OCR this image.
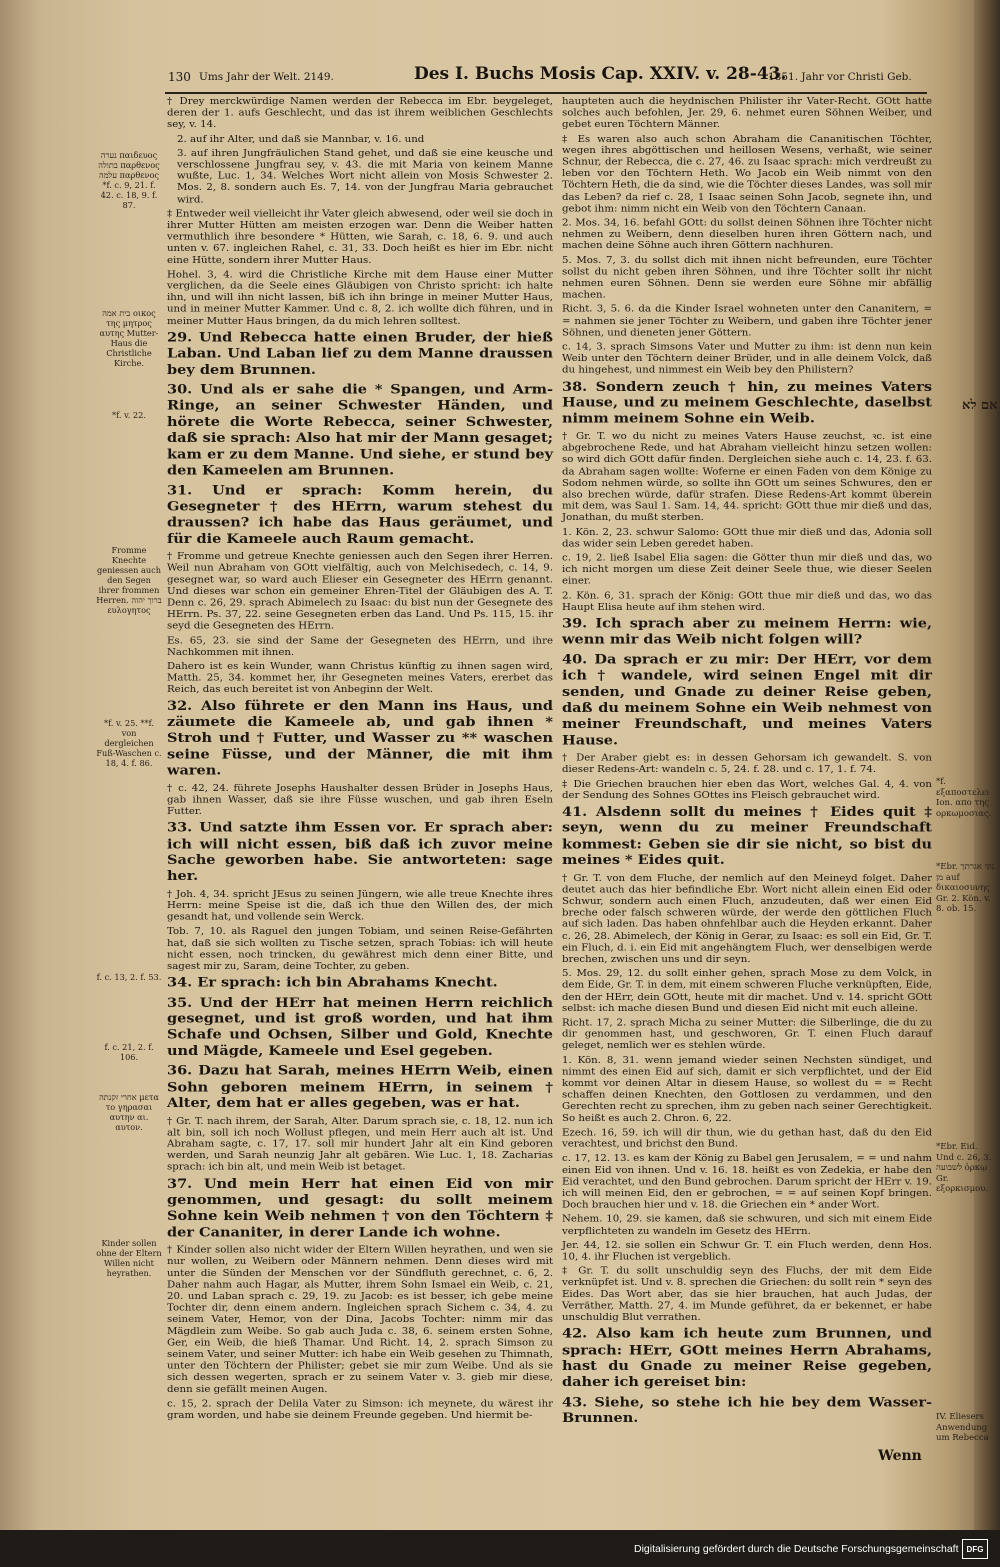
130 Ums Jahr der Welt. 2149.	Des I. Buchs Mosis Cap. XXIV. v. 28-43.
1851. Jahr vor Christi Geb.
† Drey merckwürdige Namen werden der Rebecca im Ebr. beygeleget, deren der 1. aufs Geschlecht, und das ist ihrem weiblichen Geschlechts sey, v. 14.
2. auf ihr Alter, und daß sie Mannbar, v. 16. und
3. auf ihren Jungfräulichen Stand gehet, und daß sie eine keusche und verschlossene Jungfrau sey, v. 43. die mit Maria von keinem Manne wußte, Luc. 1, 34. Welches Wort nicht allein von Mosis Schwester 2. Mos. 2, 8. sondern auch Es. 7, 14. von der Jungfrau Maria gebrauchet wird.
‡ Entweder weil vielleicht ihr Vater gleich abwesend, oder weil sie doch in ihrer Mutter Hütten am meisten erzogen war. Denn die Weiber hatten vermuthlich ihre besondere * Hütten, wie Sarah, c. 18, 6. 9. und auch unten v. 67. ingleichen Rahel, c. 31, 33. Doch heißt es hier im Ebr. nicht eine Hütte, sondern ihrer Mutter Haus.
Hohel. 3, 4. wird die Christliche Kirche mit dem Hause einer Mutter verglichen, da die Seele eines Gläubigen von Christo spricht: ich halte ihn, und will ihn nicht lassen, biß ich ihn bringe in meiner Mutter Haus, und in meiner Mutter Kammer. Und c. 8, 2. ich wollte dich führen, und in meiner Mutter Haus bringen, da du mich lehren solltest.
29. Und Rebecca hatte einen Bruder, der hieß Laban. Und Laban lief zu dem Manne draussen bey dem Brunnen.
30. Und als er sahe die * Spangen, und Arm-Ringe, an seiner Schwester Händen, und hörete die Worte Rebecca, seiner Schwester, daß sie sprach: Also hat mir der Mann gesaget; kam er zu dem Manne. Und siehe, er stund bey den Kameelen am Brunnen.
31. Und er sprach: Komm herein, du Gesegneter † des HErrn, warum stehest du draussen? ich habe das Haus geräumet, und für die Kameele auch Raum gemacht.
† Fromme und getreue Knechte geniessen auch den Segen ihrer Herren. Weil nun Abraham von GOtt vielfältig, auch von Melchisedech, c. 14, 9. gesegnet war, so ward auch Elieser ein Gesegneter des HErrn genannt. Und dieses war schon ein gemeiner Ehren-Titel der Gläubigen des A. T. Denn c. 26, 29. sprach Abimelech zu Isaac: du bist nun der Gesegnete des HErrn. Ps. 37, 22. seine Gesegneten erben das Land. Und Ps. 115, 15. ihr seyd die Gesegneten des HErrn.
Es. 65, 23. sie sind der Same der Gesegneten des HErrn, und ihre Nachkommen mit ihnen.
Dahero ist es kein Wunder, wann Christus künftig zu ihnen sagen wird, Matth. 25, 34. kommet her, ihr Gesegneten meines Vaters, ererbet das Reich, das euch bereitet ist von Anbeginn der Welt.
32. Also führete er den Mann ins Haus, und zäumete die Kameele ab, und gab ihnen * Stroh und † Futter, und Wasser zu ** waschen seine Füsse, und der Männer, die mit ihm waren.
† c. 42, 24. führete Josephs Haushalter dessen Brüder in Josephs Haus, gab ihnen Wasser, daß sie ihre Füsse wuschen, und gab ihren Eseln Futter.
33. Und satzte ihm Essen vor. Er sprach aber: ich will nicht essen, biß daß ich zuvor meine Sache geworben habe. Sie antworteten: sage her.
† Joh. 4, 34. spricht JEsus zu seinen Jüngern, wie alle treue Knechte ihres Herrn: meine Speise ist die, daß ich thue den Willen des, der mich gesandt hat, und vollende sein Werck.
Tob. 7, 10. als Raguel den jungen Tobiam, und seinen Reise-Gefährten hat, daß sie sich wollten zu Tische setzen, sprach Tobias: ich will heute nicht essen, noch trincken, du gewährest mich denn einer Bitte, und sagest mir zu, Saram, deine Tochter, zu geben.
34. Er sprach: ich bin Abrahams Knecht.
35. Und der HErr hat meinen Herrn reichlich gesegnet, und ist groß worden, und hat ihm Schafe und Ochsen, Silber und Gold, Knechte und Mägde, Kameele und Esel gegeben.
36. Dazu hat Sarah, meines HErrn Weib, einen Sohn geboren meinem HErrn, in seinem † Alter, dem hat er alles gegeben, was er hat.
† Gr. T. nach ihrem, der Sarah, Alter. Darum sprach sie, c. 18, 12. nun ich alt bin, soll ich noch Wollust pflegen, und mein Herr auch alt ist. Und Abraham sagte, c. 17, 17. soll mir hundert Jahr alt ein Kind geboren werden, und Sarah neunzig Jahr alt gebären. Wie Luc. 1, 18. Zacharias sprach: ich bin alt, und mein Weib ist betaget.
37. Und mein Herr hat einen Eid von mir genommen, und gesagt: du sollt meinem Sohne kein Weib nehmen † von den Töchtern ‡ der Cananiter, in derer Lande ich wohne.
† Kinder sollen also nicht wider der Eltern Willen heyrathen, und wen sie nur wollen, zu Weibern oder Männern nehmen. Denn dieses wird mit unter die Sünden der Menschen vor der Sündfluth gerechnet, c. 6, 2. Daher nahm auch Hagar, als Mutter, ihrem Sohn Ismael ein Weib, c. 21, 20. und Laban sprach c. 29, 19. zu Jacob: es ist besser, ich gebe meine Tochter dir, denn einem andern. Ingleichen sprach Sichem c. 34, 4. zu seinem Vater, Hemor, von der Dina, Jacobs Tochter: nimm mir das Mägdlein zum Weibe. So gab auch Juda c. 38, 6. seinem ersten Sohne, Ger, ein Weib, die hieß Thamar. Und Richt. 14, 2. sprach Simson zu seinem Vater, und seiner Mutter: ich habe ein Weib gesehen zu Thimnath, unter den Töchtern der Philister; gebet sie mir zum Weibe. Und als sie sich dessen wegerten, sprach er zu seinem Vater v. 3. gieb mir diese, denn sie gefällt meinen Augen.
c. 15, 2. sprach der Delila Vater zu Simson: ich meynete, du wärest ihr gram worden, und habe sie deinem Freunde gegeben. Und hiermit be-
haupteten auch die heydnischen Philister ihr Vater-Recht. GOtt hatte solches auch befohlen, Jer. 29, 6. nehmet euren Söhnen Weiber, und gebet euren Töchtern Männer.
‡ Es waren also auch schon Abraham die Cananitischen Töchter, wegen ihres abgöttischen und heillosen Wesens, verhaßt, wie seiner Schnur, der Rebecca, die c. 27, 46. zu Isaac sprach: mich verdreußt zu leben vor den Töchtern Heth. Wo Jacob ein Weib nimmt von den Töchtern Heth, die da sind, wie die Töchter dieses Landes, was soll mir das Leben? da rief c. 28, 1 Isaac seinen Sohn Jacob, segnete ihn, und gebot ihm: nimm nicht ein Weib von den Töchtern Canaan.
2. Mos. 34, 16. befahl GOtt: du sollst deinen Söhnen ihre Töchter nicht nehmen zu Weibern, denn dieselben huren ihren Göttern nach, und machen deine Söhne auch ihren Göttern nachhuren.
5. Mos. 7, 3. du sollst dich mit ihnen nicht befreunden, eure Töchter sollst du nicht geben ihren Söhnen, und ihre Töchter sollt ihr nicht nehmen euren Söhnen. Denn sie werden eure Söhne mir abfällig machen.
Richt. 3, 5. 6. da die Kinder Israel wohneten unter den Cananitern, = = nahmen sie jener Töchter zu Weibern, und gaben ihre Töchter jener Söhnen, und dieneten jener Göttern.
c. 14, 3. sprach Simsons Vater und Mutter zu ihm: ist denn nun kein Weib unter den Töchtern deiner Brüder, und in alle deinem Volck, daß du hingehest, und nimmest ein Weib bey den Philistern?
38. Sondern zeuch † hin, zu meines Vaters Hause, und zu meinem Geschlechte, daselbst nimm meinem Sohne ein Weib.
† Gr. T. wo du nicht zu meines Vaters Hause zeuchst, ꝛc. ist eine abgebrochene Rede, und hat Abraham vielleicht hinzu setzen wollen: so wird dich GOtt dafür finden. Dergleichen siehe auch c. 14, 23. f. 63. da Abraham sagen wollte: Woferne er einen Faden von dem Könige zu Sodom nehmen würde, so sollte ihn GOtt um seines Schwures, den er also brechen würde, dafür strafen. Diese Redens-Art kommt überein mit dem, was Saul 1. Sam. 14, 44. spricht: GOtt thue mir dieß und das, Jonathan, du mußt sterben.
1. Kön. 2, 23. schwur Salomo: GOtt thue mir dieß und das, Adonia soll das wider sein Leben geredet haben.
c. 19, 2. ließ Isabel Elia sagen: die Götter thun mir dieß und das, wo ich nicht morgen um diese Zeit deiner Seele thue, wie dieser Seelen einer.
2. Kön. 6, 31. sprach der König: GOtt thue mir dieß und das, wo das Haupt Elisa heute auf ihm stehen wird.
39. Ich sprach aber zu meinem Herrn: wie, wenn mir das Weib nicht folgen will?
40. Da sprach er zu mir: Der HErr, vor dem ich † wandele, wird seinen Engel mit dir senden, und Gnade zu deiner Reise geben, daß du meinem Sohne ein Weib nehmest von meiner Freundschaft, und meines Vaters Hause.
† Der Araber giebt es: in dessen Gehorsam ich gewandelt. S. von dieser Redens-Art: wandeln c. 5, 24. f. 28. und c. 17, 1. f. 74.
‡ Die Griechen brauchen hier eben das Wort, welches Gal. 4, 4. von der Sendung des Sohnes GOttes ins Fleisch gebrauchet wird.
41. Alsdenn sollt du meines † Eides quit ‡ seyn, wenn du zu meiner Freundschaft kommest: Geben sie dir sie nicht, so bist du meines * Eides quit.
† Gr. T. von dem Fluche, der nemlich auf den Meineyd folget. Daher deutet auch das hier befindliche Ebr. Wort nicht allein einen Eid oder Schwur, sondern auch einen Fluch, anzudeuten, daß wer einen Eid breche oder falsch schweren würde, der werde den göttlichen Fluch auf sich laden. Das haben ohnfehlbar auch die Heyden erkannt. Daher c. 26, 28. Abimelech, der König in Gerar, zu Isaac: es soll ein Eid, Gr. T. ein Fluch, d. i. ein Eid mit angehängtem Fluch, wer denselbigen werde brechen, zwischen uns und dir seyn.
5. Mos. 29, 12. du sollt einher gehen, sprach Mose zu dem Volck, in dem Eide, Gr. T. in dem, mit einem schweren Fluche verknüpften, Eide, den der HErr, dein GOtt, heute mit dir machet. Und v. 14. spricht GOtt selbst: ich mache diesen Bund und diesen Eid nicht mit euch alleine.
Richt. 17, 2. sprach Micha zu seiner Mutter: die Silberlinge, die du zu dir genommen hast, und geschworen, Gr. T. einen Fluch darauf geleget, nemlich wer es stehlen würde.
1. Kön. 8, 31. wenn jemand wieder seinen Nechsten sündiget, und nimmt des einen Eid auf sich, damit er sich verpflichtet, und der Eid kommt vor deinen Altar in diesem Hause, so wollest du = = Recht schaffen deinen Knechten, den Gottlosen zu verdammen, und den Gerechten recht zu sprechen, ihm zu geben nach seiner Gerechtigkeit. So heißt es auch 2. Chron. 6, 22.
Ezech. 16, 59. ich will dir thun, wie du gethan hast, daß du den Eid verachtest, und brichst den Bund.
c. 17, 12. 13. es kam der König zu Babel gen Jerusalem, = = und nahm einen Eid von ihnen. Und v. 16. 18. heißt es von Zedekia, er habe den Eid verachtet, und den Bund gebrochen. Darum spricht der HErr v. 19. ich will meinen Eid, den er gebrochen, = = auf seinen Kopf bringen. Doch brauchen hier und v. 18. die Griechen ein * ander Wort.
Nehem. 10, 29. sie kamen, daß sie schwuren, und sich mit einem Eide verpflichteten zu wandeln im Gesetz des HErrn.
Jer. 44, 12. sie sollen ein Schwur Gr. T. ein Fluch werden, denn Hos. 10, 4. ihr Fluchen ist vergeblich.
‡ Gr. T. du sollt unschuldig seyn des Fluchs, der mit dem Eide verknüpfet ist. Und v. 8. sprechen die Griechen: du sollt rein * seyn des Eides. Das Wort aber, das sie hier brauchen, hat auch Judas, der Verräther, Matth. 27, 4. im Munde geführet, da er bekennet, er habe unschuldig Blut verrathen.
42. Also kam ich heute zum Brunnen, und sprach: HErr, GOtt meines Herrn Abrahams, hast du Gnade zu meiner Reise gegeben, daher ich gereiset bin:
43. Siehe, so stehe ich hie bey dem Wasser-Brunnen.
נערה παιδευος בתולה παρθενος עלמה παρθενος *f. c. 9, 21. f. 42. c. 18, 9. f. 87.
בית אמה οικος της μητρος αυτης Mutter-Haus die Christliche Kirche.
*f. v. 22.
Fromme Knechte geniessen auch den Segen ihrer frommen Herren. ברוך יהוה ευλογητος
*f. v. 25. **f. von dergleichen Fuß-Waschen c. 18, 4. f. 86.
f. c. 13, 2. f. 53.
f. c. 21, 2. f. 106.
אחרי זקנתה μετα το γηρασαι αυτην αι. αυτον.
Kinder sollen ohne der Eltern Willen nicht heyrathen.
אם לא
*f. εξαποστελει Ion. απο της ορκωμοσιας.
*Ebr. נקי אגרתך מן auf δικαιοσυνης Gr. 2. Kön. v. 8. ob. 15.
*Ebr. Eid. Und c. 26, 3. לשבועה ὁρκῳ Gr. εξορκισμου.
IV. Eliesers Anwendung um Rebecca
Wenn
Digitalisierung gefördert durch die Deutsche Forschungsgemeinschaft	DFG
